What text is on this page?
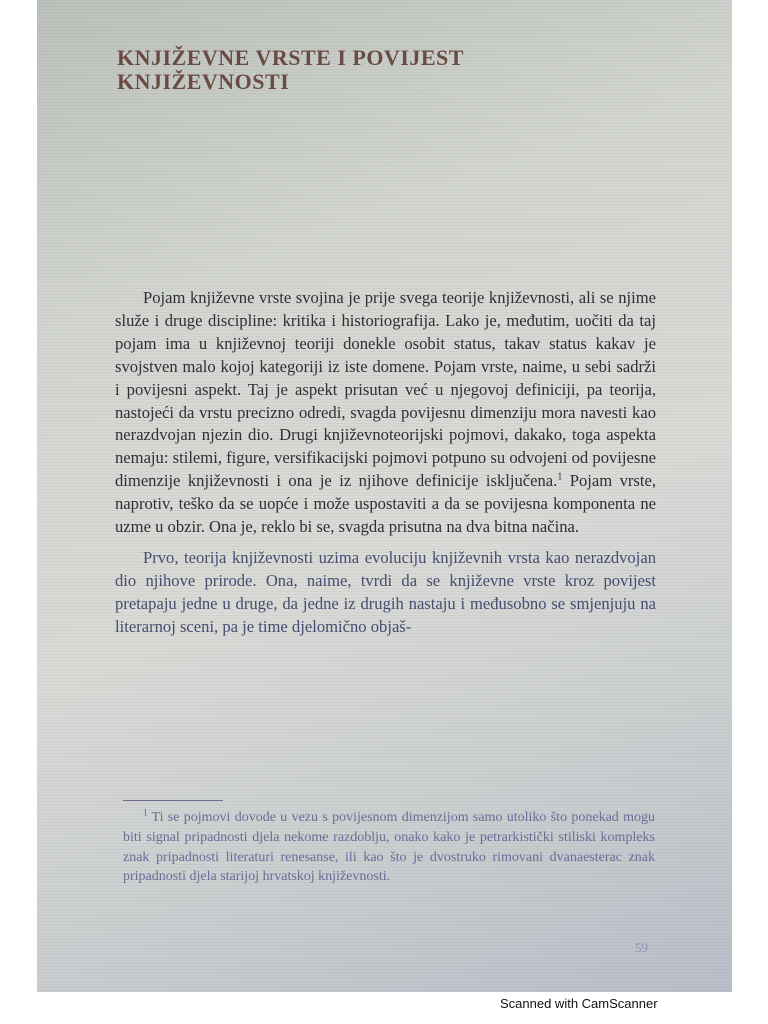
KNJIŽEVNE VRSTE I POVIJEST
KNJIŽEVNOSTI

Pojam književne vrste svojina je prije svega teorije književnosti, ali se njime služe i druge discipline: kritika i historiografija. Lako je, međutim, uočiti da taj pojam ima u književnoj teoriji donekle osobit status, takav status kakav je svojstven malo kojoj kategoriji iz iste domene. Pojam vrste, naime, u sebi sadrži i povijesni aspekt. Taj je aspekt prisutan već u njegovoj definiciji, pa teorija, nastojeći da vrstu precizno odredi, svagda povijesnu dimenziju mora navesti kao nerazdvojan njezin dio. Drugi književnoteorijski pojmovi, dakako, toga aspekta nemaju: stilemi, figure, versifikacijski pojmovi potpuno su odvojeni od povijesne dimenzije književnosti i ona je iz njihove definicije isključena.$^1$ Pojam vrste, naprotiv, teško da se uopće i može uspostaviti a da se povijesna komponenta ne uzme u obzir. Ona je, reklo bi se, svagda prisutna na dva bitna načina.

Prvo, teorija književnosti uzima evoluciju književnih vrsta kao nerazdvojan dio njihove prirode. Ona, naime, tvrdi da se književne vrste kroz povijest pretapaju jedne u druge, da jedne iz drugih nastaju i međusobno se smjenjuju na literarnoj sceni, pa je time djelomično objaš-

$^1$ Ti se pojmovi dovode u vezu s povijesnom dimenzijom samo utoliko što ponekad mogu biti signal pripadnosti djela nekome razdoblju, onako kako je petrarkistički stiliski kompleks znak pripadnosti literaturi renesanse, ili kao što je dvostruko rimovani dvanaesterac znak pripadnosti djela starijoj hrvatskoj književnosti.

59
Scanned with CamScanner
